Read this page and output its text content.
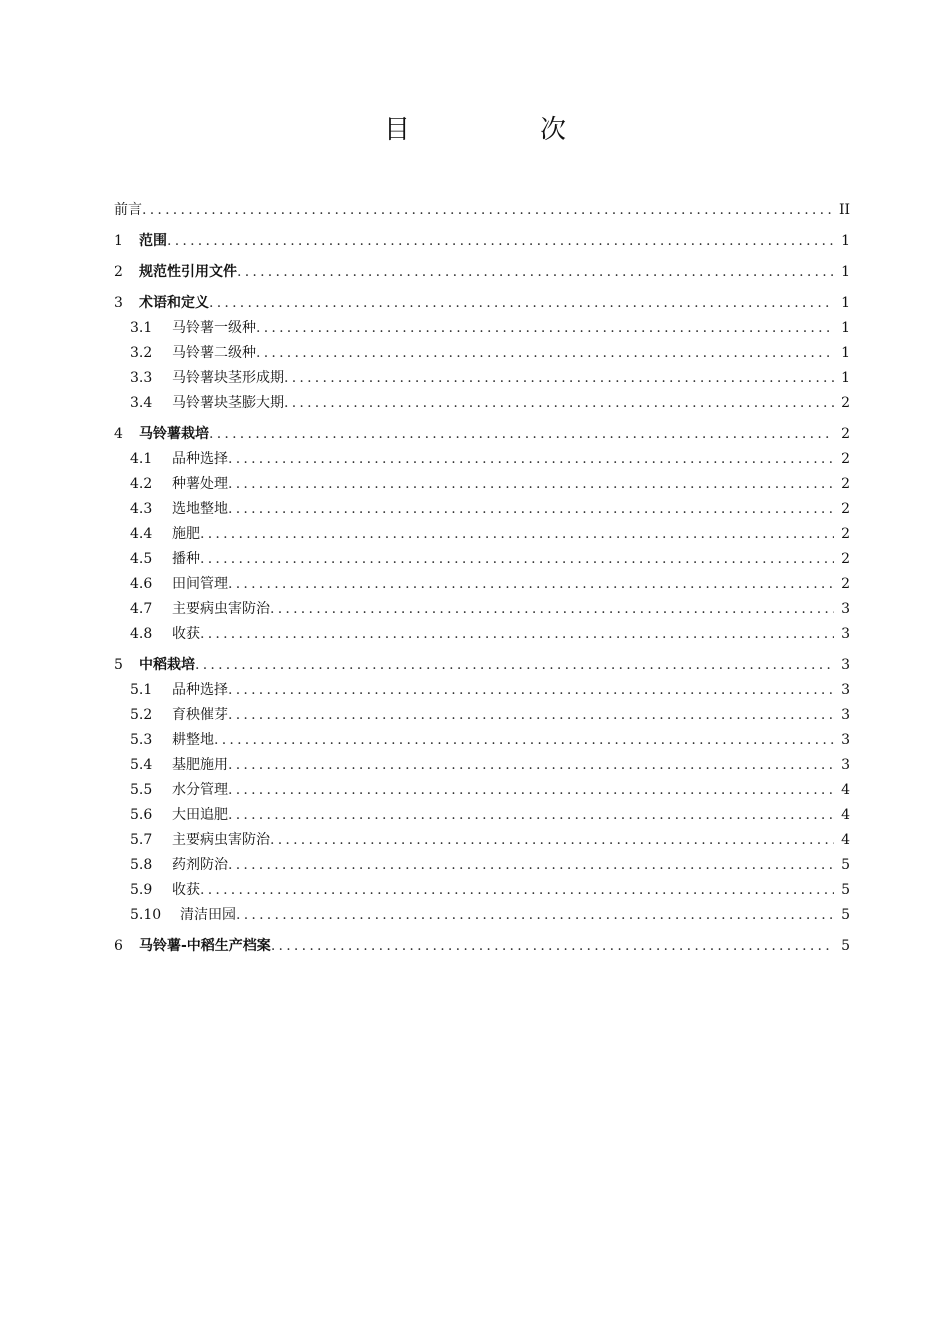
目　次
前言 . . .	II
1 范围 . . .	1
2 规范性引用文件 . . .	1
3 术语和定义 . . .	1
3.1 马铃薯一级种 . . .	1
3.2 马铃薯二级种 . . .	1
3.3 马铃薯块茎形成期 . . .	1
3.4 马铃薯块茎膨大期 . . .	2
4 马铃薯栽培 . . .	2
4.1 品种选择 . . .	2
4.2 种薯处理 . . .	2
4.3 选地整地 . . .	2
4.4 施肥 . . .	2
4.5 播种 . . .	2
4.6 田间管理 . . .	2
4.7 主要病虫害防治 . . .	3
4.8 收获 . . .	3
5 中稻栽培 . . .	3
5.1 品种选择 . . .	3
5.2 育秧催芽 . . .	3
5.3 耕整地 . . .	3
5.4 基肥施用 . . .	3
5.5 水分管理 . . .	4
5.6 大田追肥 . . .	4
5.7 主要病虫害防治 . . .	4
5.8 药剂防治 . . .	5
5.9 收获 . . .	5
5.10 清洁田园 . . .	5
6 马铃薯-中稻生产档案 . . .	5
